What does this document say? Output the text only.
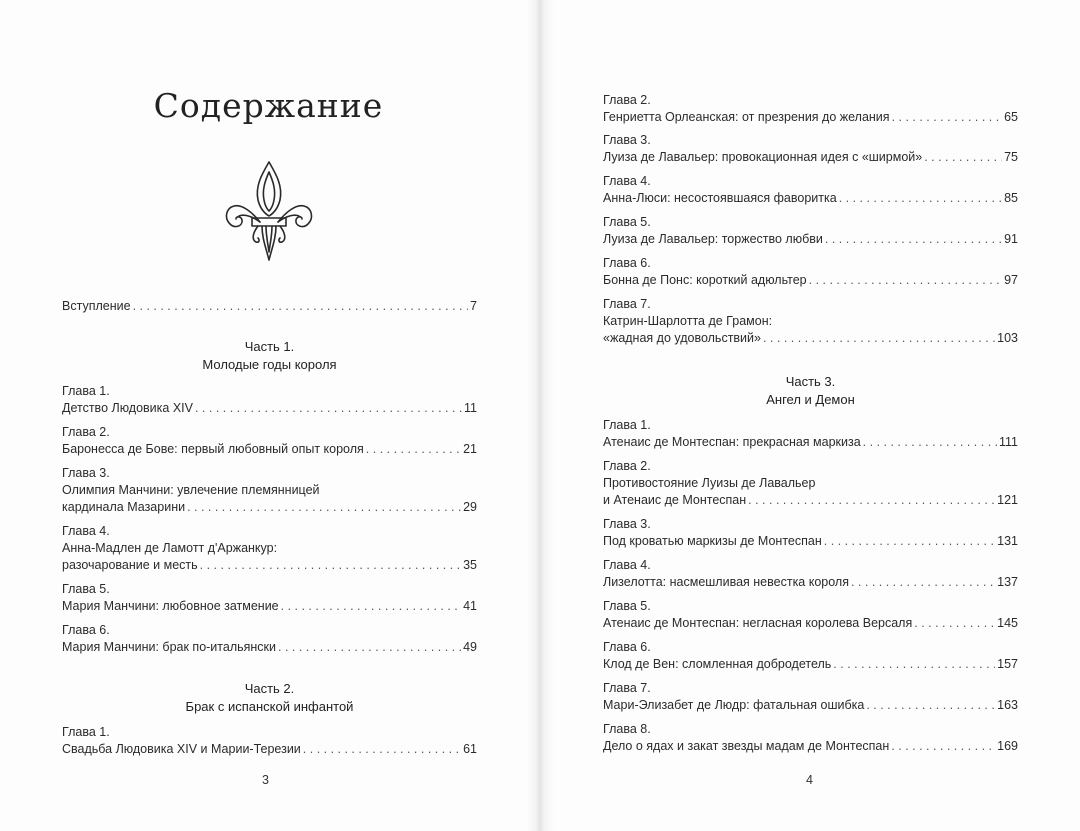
Содержание
Вступление . . .	7
Часть 1.
Молодые годы короля
Глава 1.
Детство Людовика XIV . . .	11
Глава 2.
Баронесса де Бове: первый любовный опыт короля . . .	21
Глава 3.
Олимпия Манчини: увлечение племянницей
кардинала Мазарини . . .	29
Глава 4.
Анна-Мадлен де Ламотт д'Аржанкур:
разочарование и месть . . .	35
Глава 5.
Мария Манчини: любовное затмение . . .	41
Глава 6.
Мария Манчини: брак по-итальянски . . .	49
Часть 2.
Брак с испанской инфантой
Глава 1.
Свадьба Людовика XIV и Марии-Терезии . . .	61
3
Глава 2.
Генриетта Орлеанская: от презрения до желания . . .	65
Глава 3.
Луиза де Лавальер: провокационная идея с «ширмой» . . .	75
Глава 4.
Анна-Люси: несостоявшаяся фаворитка . . .	85
Глава 5.
Луиза де Лавальер: торжество любви . . .	91
Глава 6.
Бонна де Понс: короткий адюльтер . . .	97
Глава 7.
Катрин-Шарлотта де Грамон:
«жадная до удовольствий» . . .	103
Часть 3.
Ангел и Демон
Глава 1.
Атенаис де Монтеспан: прекрасная маркиза . . .	111
Глава 2.
Противостояние Луизы де Лавальер
и Атенаис де Монтеспан . . .	121
Глава 3.
Под кроватью маркизы де Монтеспан . . .	131
Глава 4.
Лизелотта: насмешливая невестка короля . . .	137
Глава 5.
Атенаис де Монтеспан: негласная королева Версаля . . .	145
Глава 6.
Клод де Вен: сломленная добродетель . . .	157
Глава 7.
Мари-Элизабет де Людр: фатальная ошибка . . .	163
Глава 8.
Дело о ядах и закат звезды мадам де Монтеспан . . .	169
4
